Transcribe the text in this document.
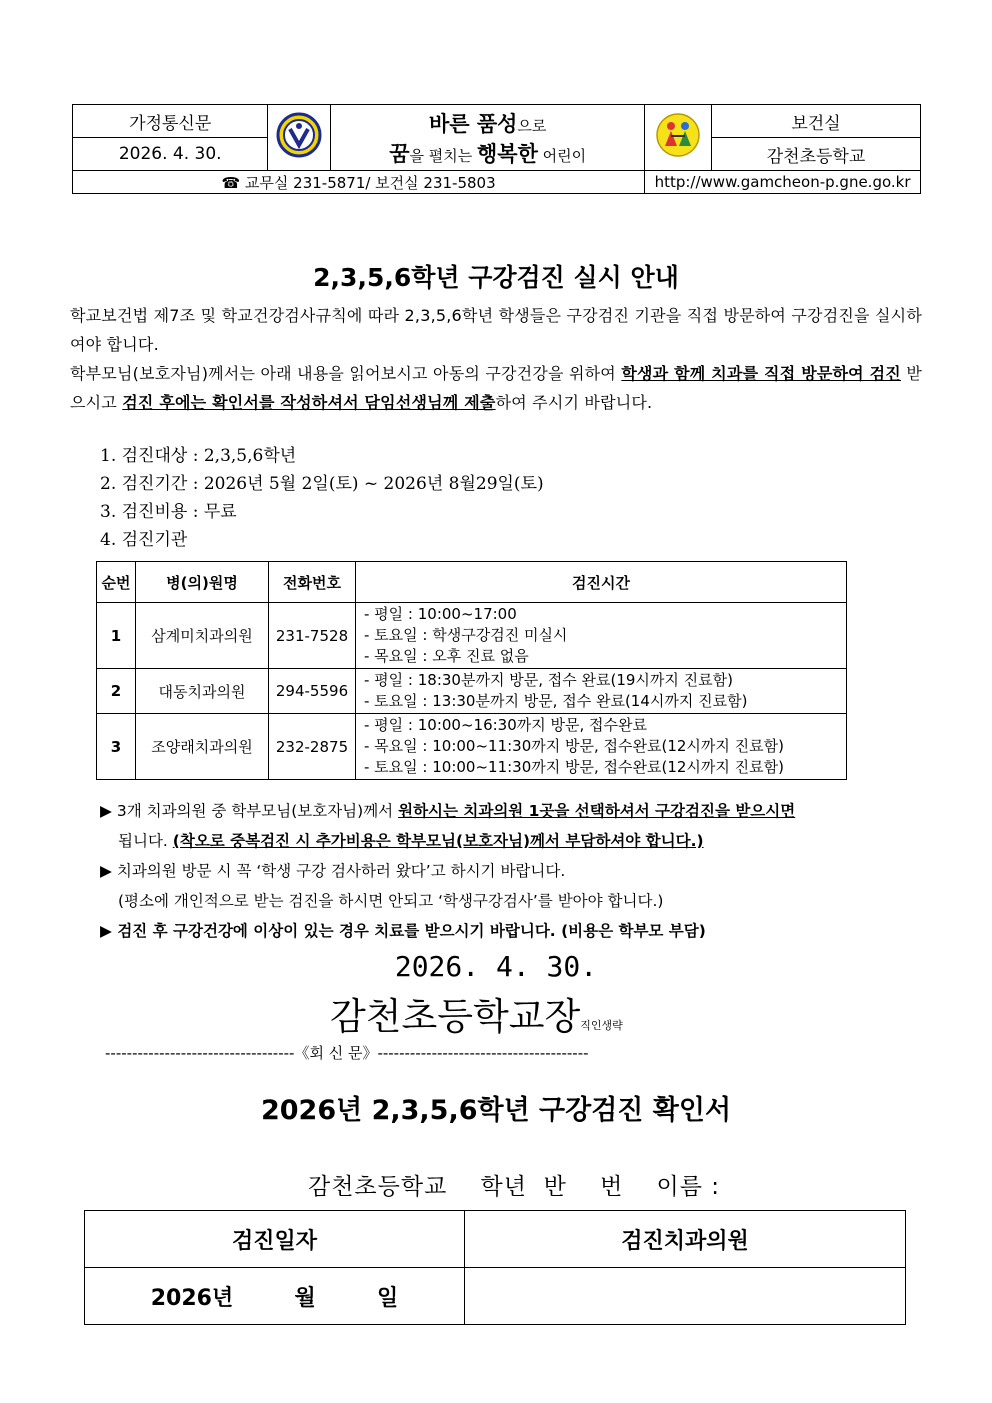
가정통신문		바른 품성으로
꿈을 펼치는 행복한 어린이		보건실
2026. 4. 30.				감천초등학교
☎ 교무실 231-5871/ 보건실 231-5803			http://www.gamcheon-p.gne.go.kr	
2,3,5,6학년 구강검진 실시 안내
학교보건법 제7조 및 학교건강검사규칙에 따라 2,3,5,6학년 학생들은 구강검진 기관을 직접 방문하여 구강검진을 실시하여야 합니다.
학부모님(보호자님)께서는 아래 내용을 읽어보시고 아동의 구강건강을 위하여 학생과 함께 치과를 직접 방문하여 검진 받으시고 검진 후에는 확인서를 작성하셔서 담임선생님께 제출하여 주시기 바랍니다.
1. 검진대상 : 2,3,5,6학년
2. 검진기간 : 2026년 5월 2일(토) ~ 2026년 8월29일(토)
3. 검진비용 : 무료
4. 검진기관
순번	병(의)원명	전화번호	검진시간
1	삼계미치과의원	231-7528	- 평일 : 10:00~17:00
- 토요일 : 학생구강검진 미실시
- 목요일 : 오후 진료 없음

2	대동치과의원	294-5596	- 평일 : 18:30분까지 방문, 접수 완료(19시까지 진료함)
- 토요일 : 13:30분까지 방문, 접수 완료(14시까지 진료함)

3	조양래치과의원	232-2875	- 평일 : 10:00~16:30까지 방문, 접수완료
- 목요일 : 10:00~11:30까지 방문, 접수완료(12시까지 진료함)
- 토요일 : 10:00~11:30까지 방문, 접수완료(12시까지 진료함)
▶ 3개 치과의원 중 학부모님(보호자님)께서 원하시는 치과의원 1곳을 선택하셔서 구강검진을 받으시면
됩니다. (착오로 중복검진 시 추가비용은 학부모님(보호자님)께서 부담하셔야 합니다.)
▶ 치과의원 방문 시 꼭 ‘학생 구강 검사하러 왔다’고 하시기 바랍니다.
(평소에 개인적으로 받는 검진을 하시면 안되고 ‘학생구강검사’를 받아야 합니다.)
▶ 검진 후 구강건강에 이상이 있는 경우 치료를 받으시기 바랍니다. (비용은 학부모 부담)
2026. 4. 30.
감천초등학교장직인생략
-----------------------------------《회 신 문》---------------------------------------
2026년 2,3,5,6학년 구강검진 확인서
감천초등학교    학년  반    번    이름 :
검진일자	검진치과의원
2026년        월        일	
